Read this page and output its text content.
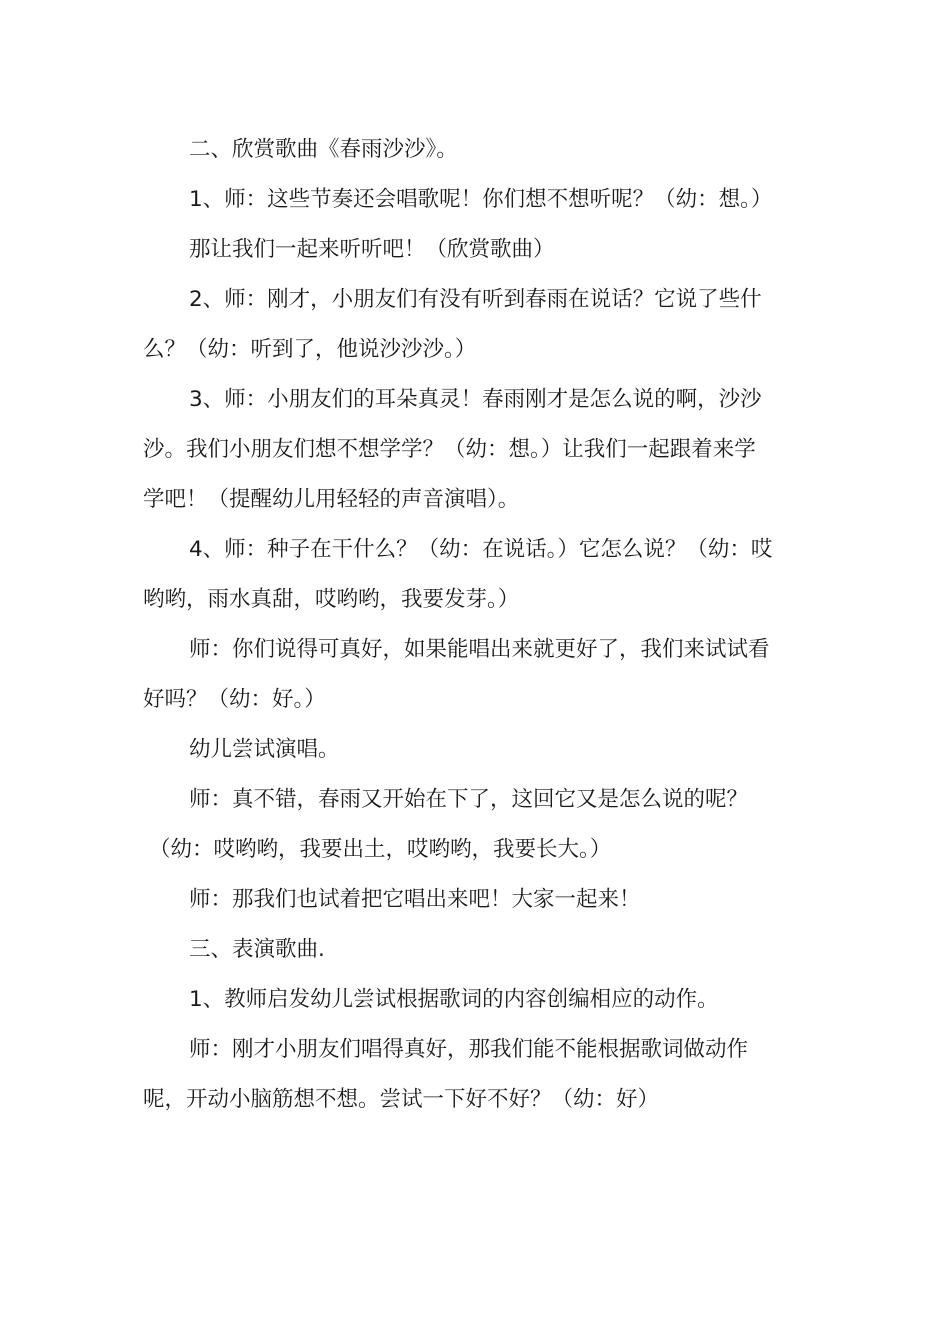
二、欣赏歌曲《春雨沙沙》。
1、师：这些节奏还会唱歌呢！你们想不想听呢？（幼：想。）
那让我们一起来听听吧！（欣赏歌曲）
2、师：刚才，小朋友们有没有听到春雨在说话？它说了些什
么？（幼：听到了，他说沙沙沙。）
3、师：小朋友们的耳朵真灵！春雨刚才是怎么说的啊，沙沙
沙。我们小朋友们想不想学学？（幼：想。）让我们一起跟着来学
学吧！（提醒幼儿用轻轻的声音演唱）。
4、师：种子在干什么？（幼：在说话。）它怎么说？（幼：哎
哟哟，雨水真甜，哎哟哟，我要发芽。）
师：你们说得可真好，如果能唱出来就更好了，我们来试试看
好吗？（幼：好。）
幼儿尝试演唱。
师：真不错，春雨又开始在下了，这回它又是怎么说的呢？
（幼：哎哟哟，我要出土，哎哟哟，我要长大。）
师：那我们也试着把它唱出来吧！大家一起来！
三、表演歌曲.
1、教师启发幼儿尝试根据歌词的内容创编相应的动作。
师：刚才小朋友们唱得真好，那我们能不能根据歌词做动作
呢，开动小脑筋想不想。尝试一下好不好？（幼：好）
